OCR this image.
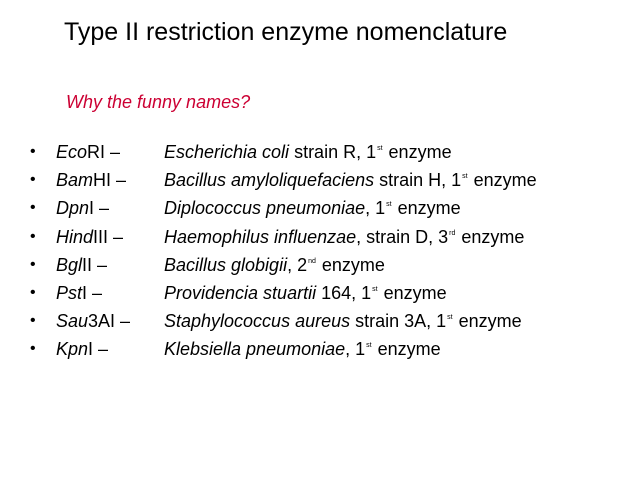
Type II restriction enzyme nomenclature
Why the funny names?
• EcoRI – Escherichia coli strain R, 1st enzyme
• BamHI – Bacillus amyloliquefaciens strain H, 1st enzyme
• DpnI –	Diplococcus pneumoniae, 1st enzyme
• HindIII – Haemophilus influenzae, strain D, 3rd enzyme
• BglII –	Bacillus globigii, 2nd enzyme
• PstI –	Providencia stuartii 164, 1st enzyme
• Sau3AI – Staphylococcus aureus strain 3A, 1st enzyme
• KpnI –	Klebsiella pneumoniae, 1st enzyme
